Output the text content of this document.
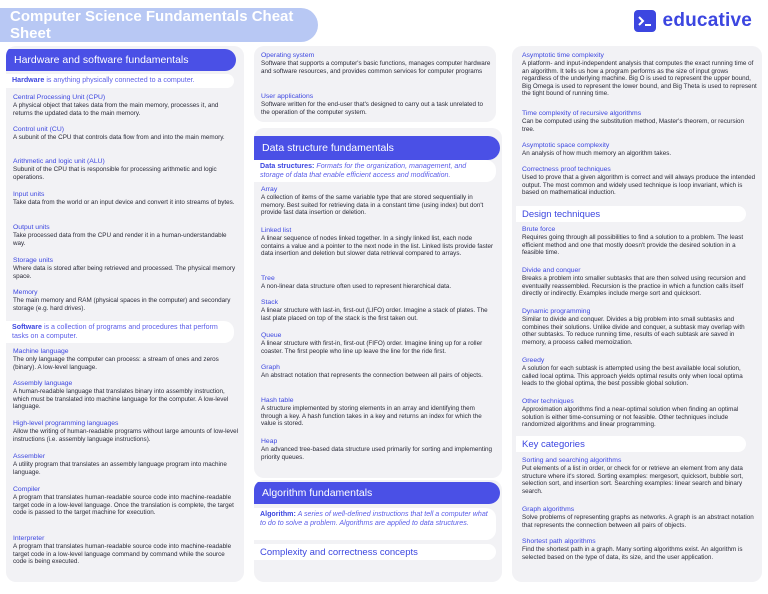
Computer Science Fundamentals Cheat Sheet
educative
Hardware and software fundamentals
Hardware is anything physically connected to a computer.
Central Processing Unit (CPU)
A physical object that takes data from the main memory, processes it, and returns the updated data to the main memory.
Control unit (CU)
A subunit of the CPU that controls data flow from and into the main memory.
Arithmetic and logic unit (ALU)
Subunit of the CPU that is responsible for processing arithmetic and logic operations.
Input units
Take data from the world or an input device and convert it into streams of bytes.
Output units
Take processed data from the CPU and render it in a human-understandable way.
Storage units
Where data is stored after being retrieved and processed. The physical memory space.
Memory
The main memory and RAM (physical spaces in the computer) and secondary storage (e.g. hard drives).
Software is a collection of programs and procedures that perform tasks on a computer.
Machine language
The only language the computer can process: a stream of ones and zeros (binary). A low-level language.
Assembly language
A human-readable language that translates binary into assembly instruction, which must be translated into machine language for the computer. A low-level language.
High-level programming languages
Allow the writing of human-readable programs without large amounts of low-level instructions (i.e. assembly language instructions).
Assembler
A utility program that translates an assembly language program into machine language.
Compiler
A program that translates human-readable source code into machine-readable target code in a low-level language. Once the translation is complete, the target code is passed to the target machine for execution.
Interpreter
A program that translates human-readable source code into machine-readable target code in a low-level language command by command while the source code is being executed.
Operating system
Software that supports a computer's basic functions, manages computer hardware and software resources, and provides common services for computer programs
User applications
Software written for the end-user that's designed to carry out a task unrelated to the operation of the computer system.
Data structure fundamentals
Data structures: Formats for the organization, management, and storage of data that enable efficient access and modification.
Array
A collection of items of the same variable type that are stored sequentially in memory. Best suited for retrieving data in a constant time (using index) but don't provide fast data insertion or deletion.
Linked list
A linear sequence of nodes linked together. In a singly linked list, each node contains a value and a pointer to the next node in the list. Linked lists provide faster data insertion and deletion but slower data retrieval compared to arrays.
Tree
A non-linear data structure often used to represent hierarchical data.
Stack
A linear structure with last-in, first-out (LIFO) order. Imagine a stack of plates. The last plate placed on top of the stack is the first taken out.
Queue
A linear structure with first-in, first-out (FIFO) order. Imagine lining up for a roller coaster. The first people who line up leave the line for the ride first.
Graph
An abstract notation that represents the connection between all pairs of objects.
Hash table
A structure implemented by storing elements in an array and identifying them through a key. A hash function takes in a key and returns an index for which the value is stored.
Heap
An advanced tree-based data structure used primarily for sorting and implementing priority queues.
Algorithm fundamentals
Algorithm: A series of well-defined instructions that tell a computer what to do to solve a problem. Algorithms are applied to data structures.
Complexity and correctness concepts
Asymptotic time complexity
A platform- and input-independent analysis that computes the exact running time of an algorithm. It tells us how a program performs as the size of input grows regardless of the underlying machine. Big O is used to represent the upper bound, Big Omega is used to represent the lower bound, and Big Theta is used to represent the tight bound of running time.
Time complexity of recursive algorithms
Can be computed using the substitution method, Master's theorem, or recursion tree.
Asymptotic space complexity
An analysis of how much memory an algorithm takes.
Correctness proof techniques
Used to prove that a given algorithm is correct and will always produce the intended output. The most common and widely used technique is loop invariant, which is based on mathematical induction.
Design techniques
Brute force
Requires going through all possibilities to find a solution to a problem. The least efficient method and one that mostly doesn't provide the desired solution in a feasible time.
Divide and conquer
Breaks a problem into smaller subtasks that are then solved using recursion and eventually reassembled. Recursion is the practice in which a function calls itself directly or indirectly. Examples include merge sort and quicksort.
Dynamic programming
Similar to divide and conquer. Divides a big problem into small subtasks and combines their solutions. Unlike divide and conquer, a subtask may overlap with other subtasks. To reduce running time, results of each subtask are saved in memory, a process called memoization.
Greedy
A solution for each subtask is attempted using the best available local solution, called local optima. This approach yields optimal results only when local optima leads to the global optima, the best possible global solution.
Other techniques
Approximation algorithms find a near-optimal solution when finding an optimal solution is either time-consuming or not feasible. Other techniques include randomized algorithms and linear programming.
Key categories
Sorting and searching algorithms
Put elements of a list in order, or check for or retrieve an element from any data structure where it's stored. Sorting examples: mergesort, quicksort, bubble sort, selection sort, and insertion sort. Searching examples: linear search and binary search.
Graph algorithms
Solve problems of representing graphs as networks. A graph is an abstract notation that represents the connection between all pairs of objects.
Shortest path algorithms
Find the shortest path in a graph. Many sorting algorithms exist. An algorithm is selected based on the type of data, its size, and the user application.
